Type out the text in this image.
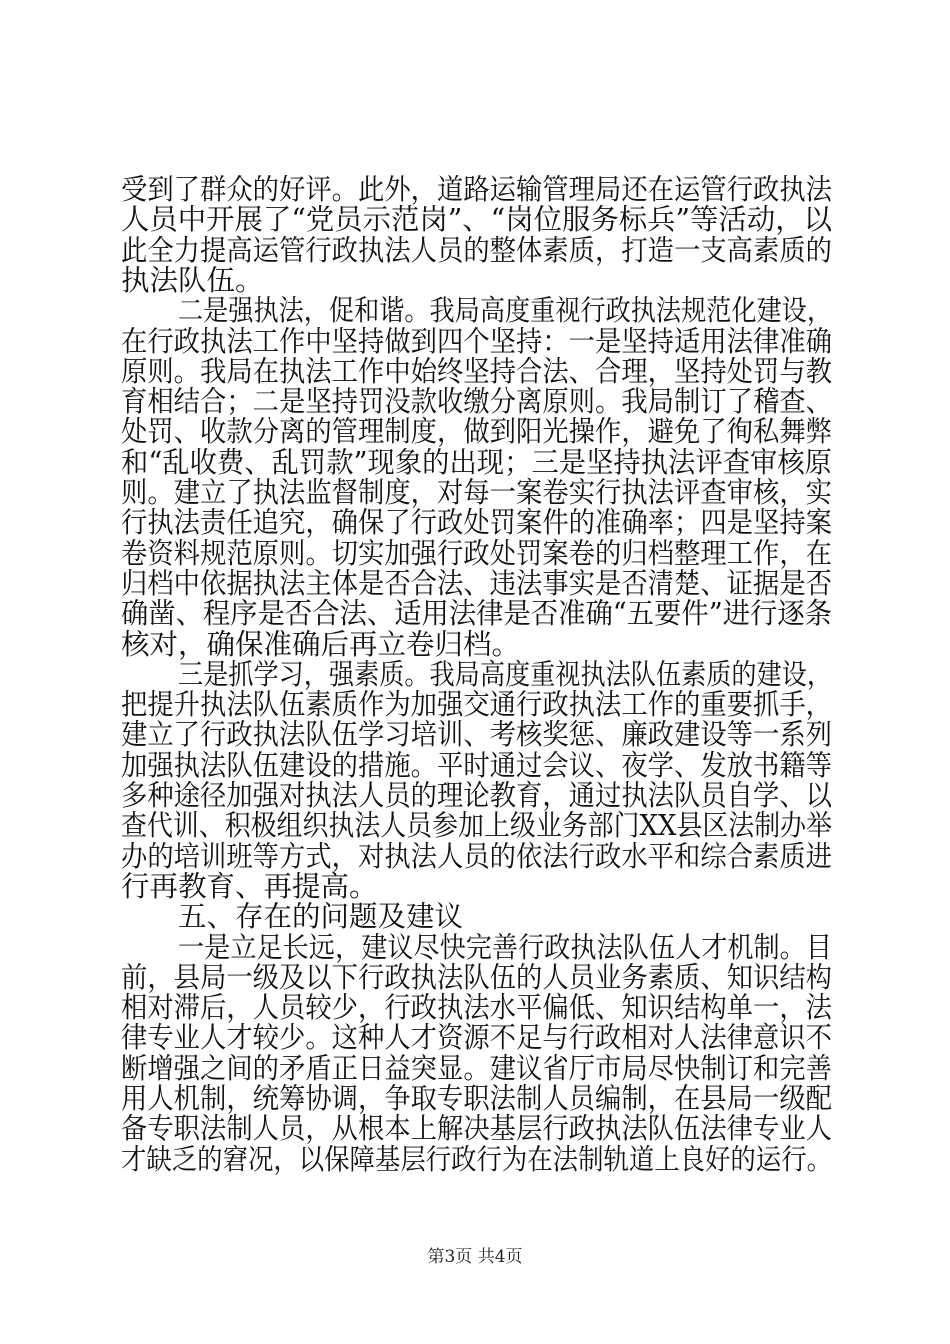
受到了群众的好评。此外，道路运输管理局还在运管行政执法
人员中开展了“党员示范岗”、“岗位服务标兵”等活动，以
此全力提高运管行政执法人员的整体素质，打造一支高素质的
执法队伍。
二是强执法，促和谐。我局高度重视行政执法规范化建设，
在行政执法工作中坚持做到四个坚持：一是坚持适用法律准确
原则。我局在执法工作中始终坚持合法、合理，坚持处罚与教
育相结合；二是坚持罚没款收缴分离原则。我局制订了稽查、
处罚、收款分离的管理制度，做到阳光操作，避免了徇私舞弊
和“乱收费、乱罚款”现象的出现；三是坚持执法评查审核原
则。建立了执法监督制度，对每一案卷实行执法评查审核，实
行执法责任追究，确保了行政处罚案件的准确率；四是坚持案
卷资料规范原则。切实加强行政处罚案卷的归档整理工作，在
归档中依据执法主体是否合法、违法事实是否清楚、证据是否
确凿、程序是否合法、适用法律是否准确“五要件”进行逐条
核对，确保准确后再立卷归档。
三是抓学习，强素质。我局高度重视执法队伍素质的建设，
把提升执法队伍素质作为加强交通行政执法工作的重要抓手，
建立了行政执法队伍学习培训、考核奖惩、廉政建设等一系列
加强执法队伍建设的措施。平时通过会议、夜学、发放书籍等
多种途径加强对执法人员的理论教育，通过执法队员自学、以
查代训、积极组织执法人员参加上级业务部门XX县区法制办举
办的培训班等方式，对执法人员的依法行政水平和综合素质进
行再教育、再提高。
五、存在的问题及建议
一是立足长远，建议尽快完善行政执法队伍人才机制。目
前，县局一级及以下行政执法队伍的人员业务素质、知识结构
相对滞后，人员较少，行政执法水平偏低、知识结构单一，法
律专业人才较少。这种人才资源不足与行政相对人法律意识不
断增强之间的矛盾正日益突显。建议省厅市局尽快制订和完善
用人机制，统筹协调，争取专职法制人员编制，在县局一级配
备专职法制人员，从根本上解决基层行政执法队伍法律专业人
才缺乏的窘况，以保障基层行政行为在法制轨道上良好的运行。
第3页 共4页
